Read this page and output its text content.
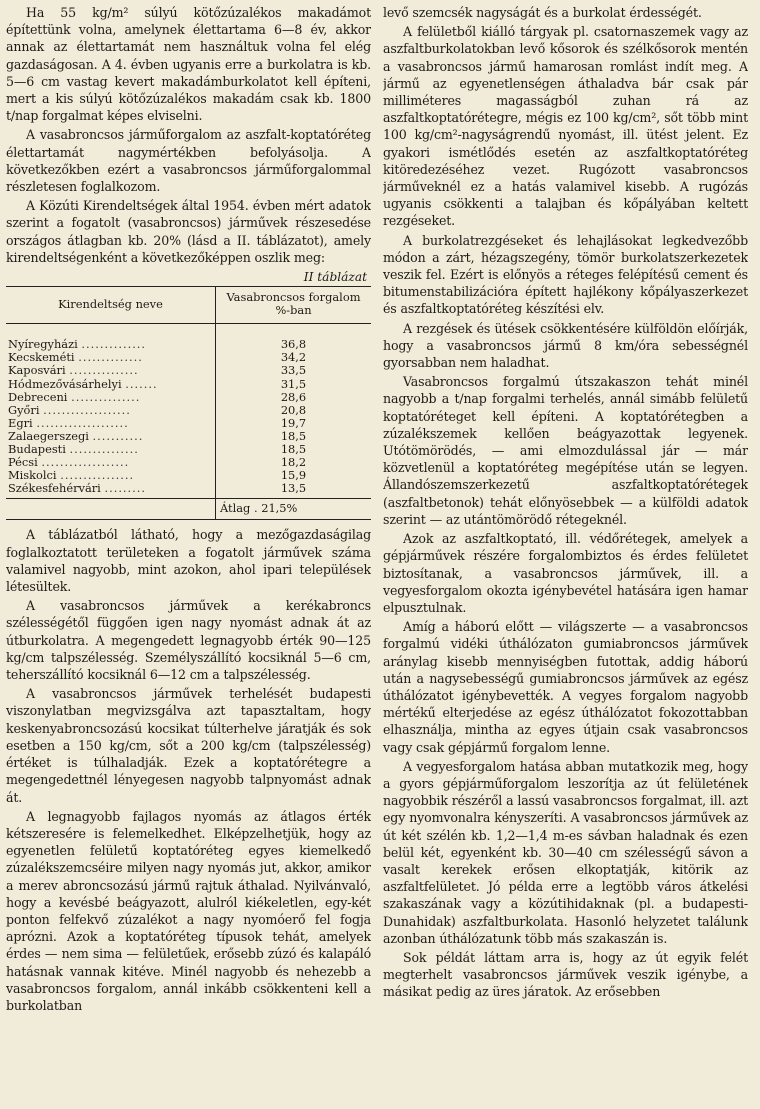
Ha 55 kg/m² súlyú kötőzúzalékos makadámot építettünk volna, amelynek élettartama 6—8 év, akkor annak az élettartamát nem használtuk volna fel elég gazdaságosan. A 4. évben ugyanis erre a burkolatra is kb. 5—6 cm vastag kevert makadámburkolatot kell építeni, mert a kis súlyú kötőzúzalékos makadám csak kb. 1800 t/nap forgalmat képes elviselni.

A vasabroncsos járműforgalom az aszfalt-koptatóréteg élettartamát nagymértékben befolyásolja. A következőkben ezért a vasabroncsos járműforgalommal részletesen foglalkozom.

A Közúti Kirendeltségek által 1954. évben mért adatok szerint a fogatolt (vasabroncsos) járművek részesedése országos átlagban kb. 20% (lásd a II. táblázatot), amely kirendeltségenként a következőképpen oszlik meg:

II táblázat
Kirendeltség neve	Vasabroncsos forgalom %-ban
Nyíregyházi ..............	36,8
Kecskeméti ..............	34,2
Kaposvári ...............	33,5
Hódmezővásárhelyi .......	31,5
Debreceni ...............	28,6
Győri ...................	20,8
Egri ....................	19,7
Zalaegerszegi ...........	18,5
Budapesti ...............	18,5
Pécsi ...................	18,2
Miskolci ................	15,9
Székesfehérvári .........	13,5
	Átlag . 21,5%

A táblázatból látható, hogy a mezőgazdaságilag foglalkoztatott területeken a fogatolt járművek száma valamivel nagyobb, mint azokon, ahol ipari települések létesültek.

A vasabroncsos járművek a kerékabroncs szélességétől függően igen nagy nyomást adnak át az útburkolatra. A megengedett legnagyobb érték 90—125 kg/cm talpszélesség. Személyszállító kocsiknál 5—6 cm, teherszállító kocsiknál 6—12 cm a talpszélesség.

A vasabroncsos járművek terhelését budapesti viszonylatban megvizsgálva azt tapasztaltam, hogy keskenyabroncsozású kocsikat túlterhelve járatják és sok esetben a 150 kg/cm, sőt a 200 kg/cm (talpszélesség) értéket is túlhaladják. Ezek a koptatórétegre a megengedettnél lényegesen nagyobb talpnyomást adnak át.

A legnagyobb fajlagos nyomás az átlagos érték kétszeresére is felemelkedhet. Elképzelhetjük, hogy az egyenetlen felületű koptatóréteg egyes kiemelkedő zúzalékszemcséire milyen nagy nyomás jut, akkor, amikor a merev abroncsozású jármű rajtuk áthalad. Nyilvánvaló, hogy a kevésbé beágyazott, alulról kiékeletlen, egy-két ponton felfekvő zúzalékot a nagy nyomóerő fel fogja aprózni. Azok a koptatóréteg típusok tehát, amelyek érdes — nem sima — felületűek, erősebb zúzó és kalapáló hatásnak vannak kitéve. Minél nagyobb és nehezebb a vasabroncsos forgalom, annál inkább csökkenteni kell a burkolatban

levő szemcsék nagyságát és a burkolat érdességét.

A felületből kiálló tárgyak pl. csatornaszemek vagy az aszfaltburkolatokban levő kősorok és szélkősorok mentén a vasabroncsos jármű hamarosan romlást indít meg. A jármű az egyenetlenségen áthaladva bár csak pár milliméteres magasságból zuhan rá az aszfaltkoptatórétegre, mégis ez 100 kg/cm², sőt több mint 100 kg/cm²-nagyságrendű nyomást, ill. ütést jelent. Ez gyakori ismétlődés esetén az aszfaltkoptatóréteg kitöredezéséhez vezet. Rugózott vasabroncsos járműveknél ez a hatás valamivel kisebb. A rugózás ugyanis csökkenti a talajban és kőpályában keltett rezgéseket.

A burkolatrezgéseket és lehajlásokat legkedvezőbb módon a zárt, hézagszegény, tömör burkolatszerkezetek veszik fel. Ezért is előnyös a réteges felépítésű cement és bitumenstabilizációra épített hajlékony kőpályaszerkezet és aszfaltkoptatóréteg készítési elv.

A rezgések és ütések csökkentésére külföldön előírják, hogy a vasabroncsos jármű 8 km/óra sebességnél gyorsabban nem haladhat.

Vasabroncsos forgalmú útszakaszon tehát minél nagyobb a t/nap forgalmi terhelés, annál simább felületű koptatóréteget kell építeni. A koptatórétegben a zúzalékszemek kellően beágyazottak legyenek. Utótömörödés, — ami elmozdulással jár — már közvetlenül a koptatóréteg megépítése után se legyen. Állandószemszerkezetű aszfaltkoptatórétegek (aszfaltbetonok) tehát előnyösebbek — a külföldi adatok szerint — az utántömörödő rétegeknél.

Azok az aszfaltkoptató, ill. védőrétegek, amelyek a gépjárművek részére forgalombiztos és érdes felületet biztosítanak, a vasabroncsos járművek, ill. a vegyesforgalom okozta igénybevétel hatására igen hamar elpusztulnak.

Amíg a háború előtt — világszerte — a vasabroncsos forgalmú vidéki úthálózaton gumiabroncsos járművek aránylag kisebb mennyiségben futottak, addig háború után a nagysebességű gumiabroncsos járművek az egész úthálózatot igénybevették. A vegyes forgalom nagyobb mértékű elterjedése az egész úthálózatot fokozottabban elhasználja, mintha az egyes útjain csak vasabroncsos vagy csak gépjármű forgalom lenne.

A vegyesforgalom hatása abban mutatkozik meg, hogy a gyors gépjárműforgalom leszorítja az út felületének nagyobbik részéről a lassú vasabroncsos forgalmat, ill. azt egy nyomvonalra kényszeríti. A vasabroncsos járművek az út két szélén kb. 1,2—1,4 m-es sávban haladnak és ezen belül két, egyenként kb. 30—40 cm szélességű sávon a vasalt kerekek erősen elkoptatják, kitörik az aszfaltfelületet. Jó példa erre a legtöbb város átkelési szakaszának vagy a közútihidaknak (pl. a budapesti-Dunahidak) aszfaltburkolata. Hasonló helyzetet találunk azonban úthálózatunk több más szakaszán is.

Sok példát láttam arra is, hogy az út egyik felét megterhelt vasabroncsos járművek veszik igénybe, a másikat pedig az üres járatok. Az erősebben
